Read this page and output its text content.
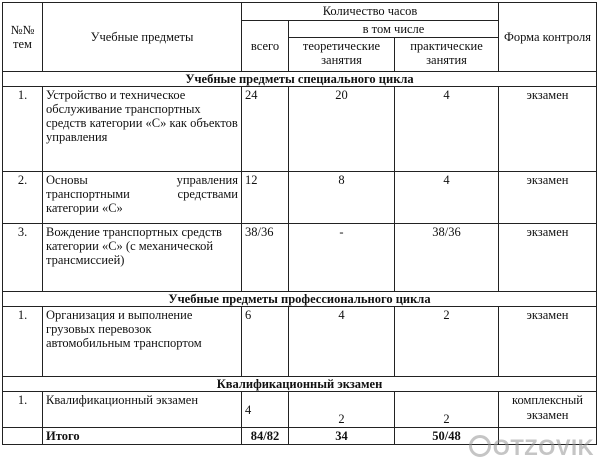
№№ тем	Учебные предметы	Количество часов			Форма контроля
		всего	в том числе		
			теоретические занятия	практические занятия	
Учебные предметы специального цикла					
1.	Устройство и техническое обслуживание транспортных средств категории «С» как объектов управления	24	20	4	экзамен
2.	Основы управления транспортными средствами категории «С»	12	8	4	экзамен
3.	Вождение транспортных средств категории «С» (с механической трансмиссией)	38/36	-	38/36	экзамен
Учебные предметы профессионального цикла					
1.	Организация и выполнение грузовых перевозок автомобильным транспортом	6	4	2	экзамен
Квалификационный экзамен					
1.	Квалификационный экзамен	4	2	2	комплексный экзамен
	Итого	84/82	34	50/48		OTZOVIK
